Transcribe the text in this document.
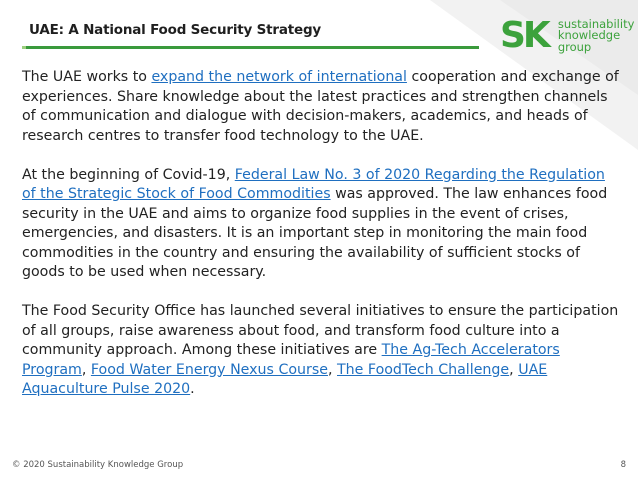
UAE: A National Food Security Strategy	SK sustainability
knowledge
group

The UAE works to expand the network of international cooperation and exchange of experiences. Share knowledge about the latest practices and strengthen channels of communication and dialogue with decision-makers, academics, and heads of research centres to transfer food technology to the UAE.

At the beginning of Covid-19, Federal Law No. 3 of 2020 Regarding the Regulation of the Strategic Stock of Food Commodities was approved. The law enhances food security in the UAE and aims to organize food supplies in the event of crises, emergencies, and disasters. It is an important step in monitoring the main food commodities in the country and ensuring the availability of sufficient stocks of goods to be used when necessary.

The Food Security Office has launched several initiatives to ensure the participation of all groups, raise awareness about food, and transform food culture into a community approach. Among these initiatives are The Ag-Tech Accelerators Program, Food Water Energy Nexus Course, The FoodTech Challenge, UAE Aquaculture Pulse 2020.

© 2020 Sustainability Knowledge Group	8
